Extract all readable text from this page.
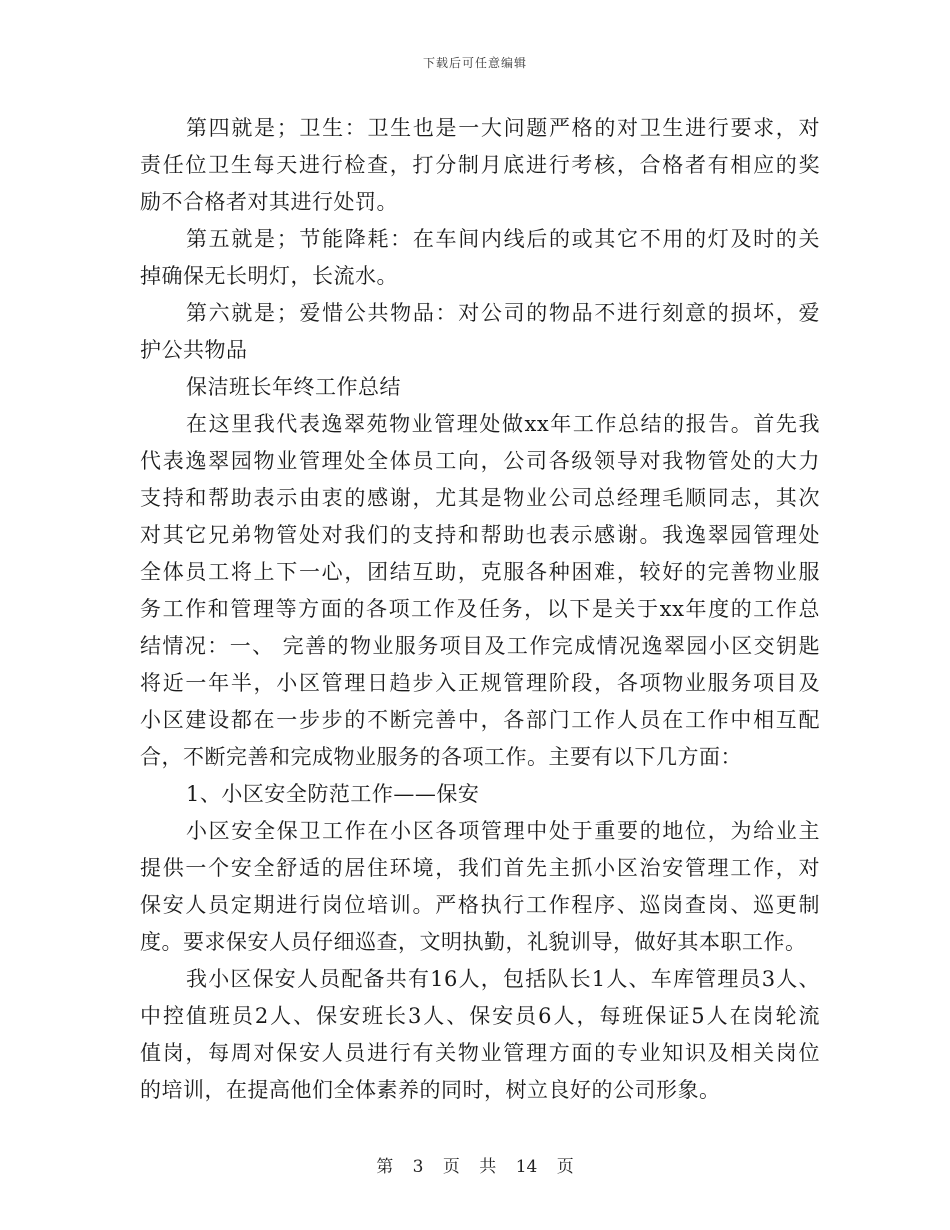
下载后可任意编辑
第四就是；卫生：卫生也是一大问题严格的对卫生进行要求，对
责任位卫生每天进行检查，打分制月底进行考核，合格者有相应的奖
励不合格者对其进行处罚。
第五就是；节能降耗：在车间内线后的或其它不用的灯及时的关
掉确保无长明灯，长流水。
第六就是；爱惜公共物品：对公司的物品不进行刻意的损坏，爱
护公共物品
保洁班长年终工作总结
在这里我代表逸翠苑物业管理处做xx年工作总结的报告。首先我
代表逸翠园物业管理处全体员工向，公司各级领导对我物管处的大力
支持和帮助表示由衷的感谢，尤其是物业公司总经理毛顺同志，其次
对其它兄弟物管处对我们的支持和帮助也表示感谢。我逸翠园管理处
全体员工将上下一心，团结互助，克服各种困难，较好的完善物业服
务工作和管理等方面的各项工作及任务，以下是关于xx年度的工作总
结情况：一、 完善的物业服务项目及工作完成情况逸翠园小区交钥匙
将近一年半，小区管理日趋步入正规管理阶段，各项物业服务项目及
小区建设都在一步步的不断完善中，各部门工作人员在工作中相互配
合，不断完善和完成物业服务的各项工作。主要有以下几方面：
1、小区安全防范工作——保安
小区安全保卫工作在小区各项管理中处于重要的地位，为给业主
提供一个安全舒适的居住环境，我们首先主抓小区治安管理工作，对
保安人员定期进行岗位培训。严格执行工作程序、巡岗查岗、巡更制
度。要求保安人员仔细巡查，文明执勤，礼貌训导，做好其本职工作。
我小区保安人员配备共有16人，包括队长1人、车库管理员3人、
中控值班员2人、保安班长3人、保安员6人，每班保证5人在岗轮流
值岗，每周对保安人员进行有关物业管理方面的专业知识及相关岗位
的培训，在提高他们全体素养的同时，树立良好的公司形象。
第 3 页 共 14 页
